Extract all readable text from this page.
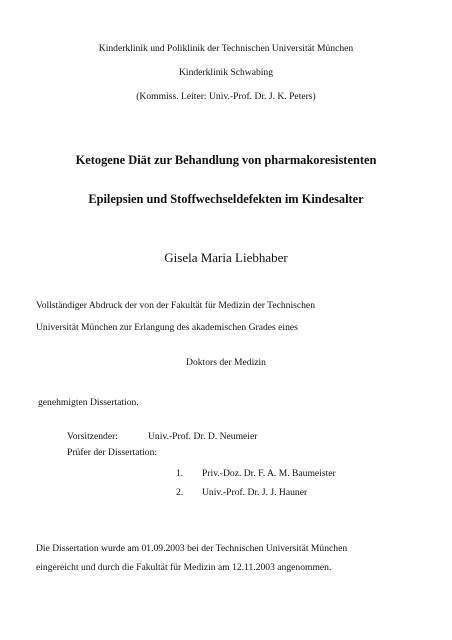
Kinderklinik und Poliklinik der Technischen Universität München
Kinderklinik Schwabing
(Kommiss. Leiter: Univ.-Prof. Dr. J. K. Peters)
Ketogene Diät zur Behandlung von pharmakoresistenten
Epilepsien und Stoffwechseldefekten im Kindesalter
Gisela Maria Liebhaber
Vollständiger Abdruck der von der Fakultät für Medizin der Technischen
Universität München zur Erlangung des akademischen Grades eines
Doktors der Medizin
genehmigten Dissertation.
Vorsitzender:	Univ.-Prof. Dr. D. Neumeier
Prüfer der Dissertation:
1. Priv.-Doz. Dr. F. A. M. Baumeister
2. Univ.-Prof. Dr. J. J. Hauner
Die Dissertation wurde am 01.09.2003 bei der Technischen Universität München
eingereicht und durch die Fakultät für Medizin am 12.11.2003 angenommen.
